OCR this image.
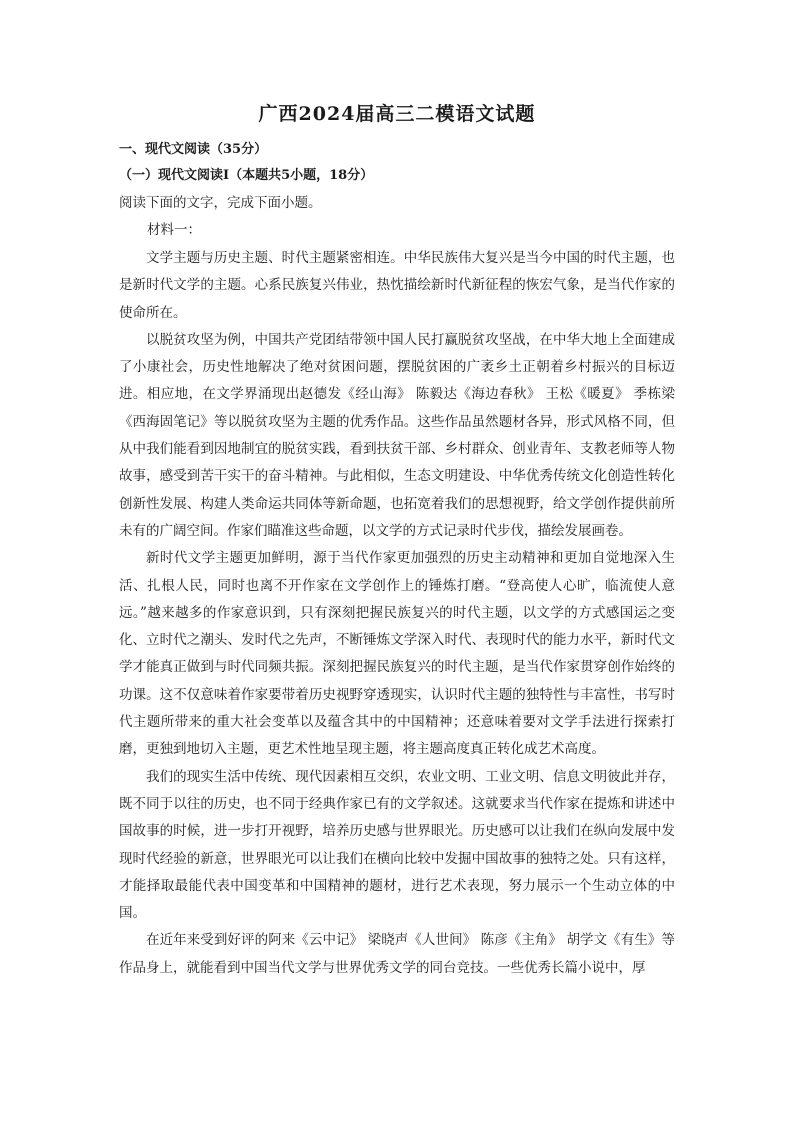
广西2024届高三二模语文试题
一、现代文阅读（35分）
（一）现代文阅读Ⅰ（本题共5小题，18分）
阅读下面的文字，完成下面小题。
材料一：

文学主题与历史主题、时代主题紧密相连。中华民族伟大复兴是当今中国的时代主题，也是新时代文学的主题。心系民族复兴伟业，热忱描绘新时代新征程的恢宏气象，是当代作家的使命所在。

以脱贫攻坚为例，中国共产党团结带领中国人民打赢脱贫攻坚战，在中华大地上全面建成了小康社会，历史性地解决了绝对贫困问题，摆脱贫困的广袤乡土正朝着乡村振兴的目标迈进。相应地，在文学界涌现出赵德发《经山海》 陈毅达《海边春秋》 王松《暖夏》 季栋梁《西海固笔记》等以脱贫攻坚为主题的优秀作品。这些作品虽然题材各异，形式风格不同，但从中我们能看到因地制宜的脱贫实践，看到扶贫干部、乡村群众、创业青年、支教老师等人物故事，感受到苦干实干的奋斗精神。与此相似，生态文明建设、中华优秀传统文化创造性转化创新性发展、构建人类命运共同体等新命题，也拓宽着我们的思想视野，给文学创作提供前所未有的广阔空间。作家们瞄准这些命题，以文学的方式记录时代步伐，描绘发展画卷。

新时代文学主题更加鲜明，源于当代作家更加强烈的历史主动精神和更加自觉地深入生活、扎根人民，同时也离不开作家在文学创作上的锤炼打磨。“登高使人心旷，临流使人意远。”越来越多的作家意识到，只有深刻把握民族复兴的时代主题，以文学的方式感国运之变化、立时代之潮头、发时代之先声，不断锤炼文学深入时代、表现时代的能力水平，新时代文学才能真正做到与时代同频共振。深刻把握民族复兴的时代主题，是当代作家贯穿创作始终的功课。这不仅意味着作家要带着历史视野穿透现实，认识时代主题的独特性与丰富性，书写时代主题所带来的重大社会变革以及蕴含其中的中国精神；还意味着要对文学手法进行探索打磨，更独到地切入主题，更艺术性地呈现主题，将主题高度真正转化成艺术高度。

我们的现实生活中传统、现代因素相互交织，农业文明、工业文明、信息文明彼此并存，既不同于以往的历史，也不同于经典作家已有的文学叙述。这就要求当代作家在提炼和讲述中国故事的时候，进一步打开视野，培养历史感与世界眼光。历史感可以让我们在纵向发展中发现时代经验的新意，世界眼光可以让我们在横向比较中发掘中国故事的独特之处。只有这样，才能择取最能代表中国变革和中国精神的题材，进行艺术表现，努力展示一个生动立体的中国。

在近年来受到好评的阿来《云中记》 梁晓声《人世间》 陈彦《主角》 胡学文《有生》等作品身上，就能看到中国当代文学与世界优秀文学的同台竞技。一些优秀长篇小说中，厚
